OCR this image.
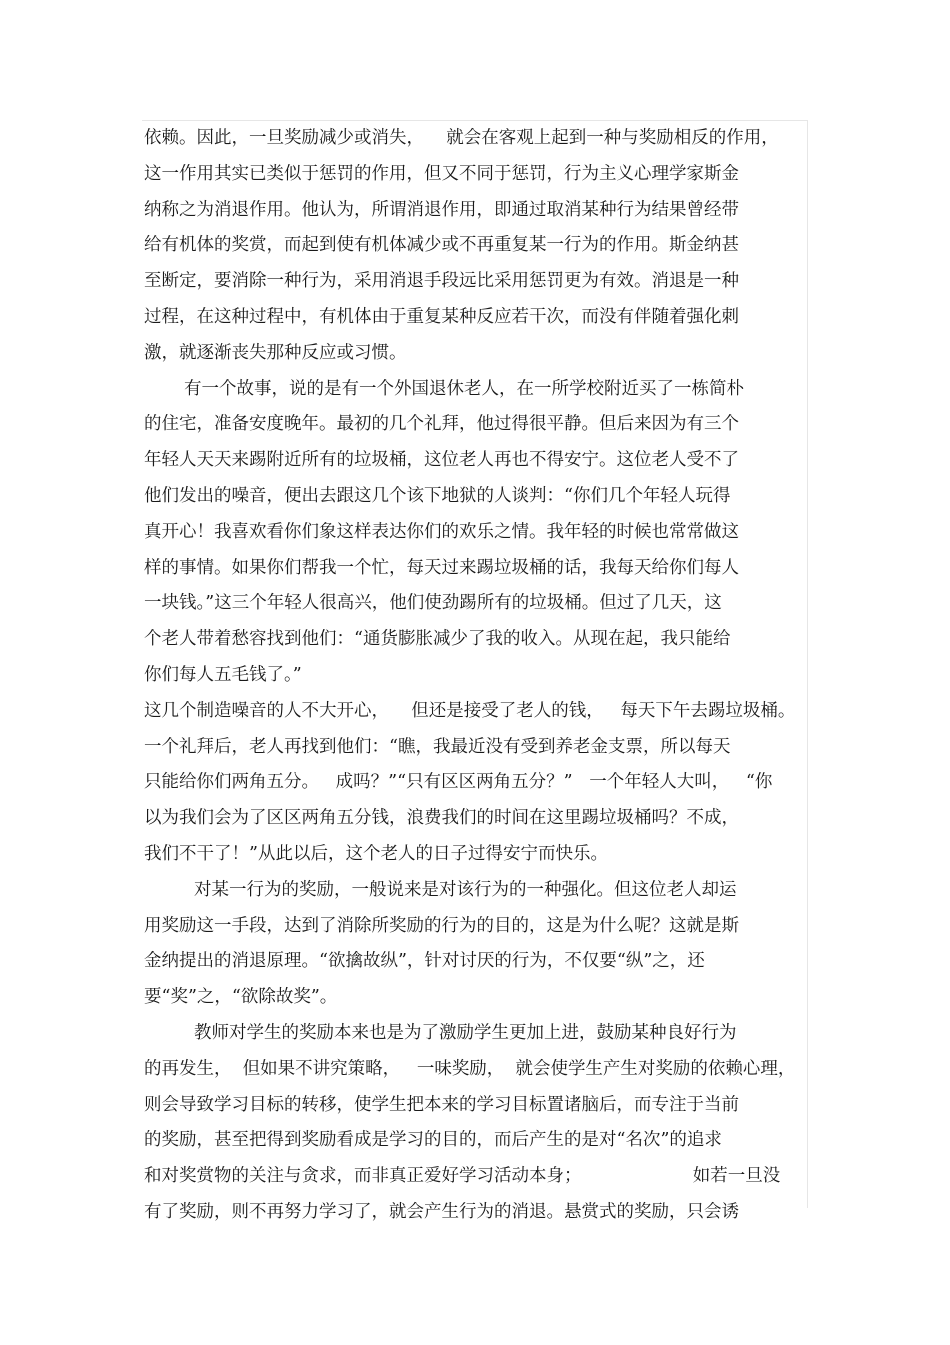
依赖。因此，一旦奖励减少或消失，    就会在客观上起到一种与奖励相反的作用，
这一作用其实已类似于惩罚的作用，但又不同于惩罚，行为主义心理学家斯金
纳称之为消退作用。他认为，所谓消退作用，即通过取消某种行为结果曾经带
给有机体的奖赏，而起到使有机体减少或不再重复某一行为的作用。斯金纳甚
至断定，要消除一种行为，采用消退手段远比采用惩罚更为有效。消退是一种
过程，在这种过程中，有机体由于重复某种反应若干次，而没有伴随着强化刺
激，就逐渐丧失那种反应或习惯。
有一个故事，说的是有一个外国退休老人，在一所学校附近买了一栋简朴
的住宅，准备安度晚年。最初的几个礼拜，他过得很平静。但后来因为有三个
年轻人天天来踢附近所有的垃圾桶，这位老人再也不得安宁。这位老人受不了
他们发出的噪音，便出去跟这几个该下地狱的人谈判：“你们几个年轻人玩得
真开心！我喜欢看你们象这样表达你们的欢乐之情。我年轻的时候也常常做这
样的事情。如果你们帮我一个忙，每天过来踢垃圾桶的话，我每天给你们每人
一块钱。”这三个年轻人很高兴，他们使劲踢所有的垃圾桶。但过了几天，这
个老人带着愁容找到他们：“通货膨胀减少了我的收入。从现在起，我只能给
你们每人五毛钱了。”
这几个制造噪音的人不大开心，    但还是接受了老人的钱，   每天下午去踢垃圾桶。
一个礼拜后，老人再找到他们：“瞧，我最近没有受到养老金支票，所以每天
只能给你们两角五分。   成吗？”“只有区区两角五分？”   一个年轻人大叫，   “你
以为我们会为了区区两角五分钱，浪费我们的时间在这里踢垃圾桶吗？不成，
我们不干了！”从此以后，这个老人的日子过得安宁而快乐。
对某一行为的奖励，一般说来是对该行为的一种强化。但这位老人却运
用奖励这一手段，达到了消除所奖励的行为的目的，这是为什么呢？这就是斯
金纳提出的消退原理。“欲擒故纵”，针对讨厌的行为，不仅要“纵”之，还
要“奖”之，“欲除故奖”。
教师对学生的奖励本来也是为了激励学生更加上进，鼓励某种良好行为
的再发生，  但如果不讲究策略，   一味奖励，  就会使学生产生对奖励的依赖心理，
则会导致学习目标的转移，使学生把本来的学习目标置诸脑后，而专注于当前
的奖励，甚至把得到奖励看成是学习的目的，而后产生的是对“名次”的追求
和对奖赏物的关注与贪求，而非真正爱好学习活动本身；                    如若一旦没
有了奖励，则不再努力学习了，就会产生行为的消退。悬赏式的奖励，只会诱
